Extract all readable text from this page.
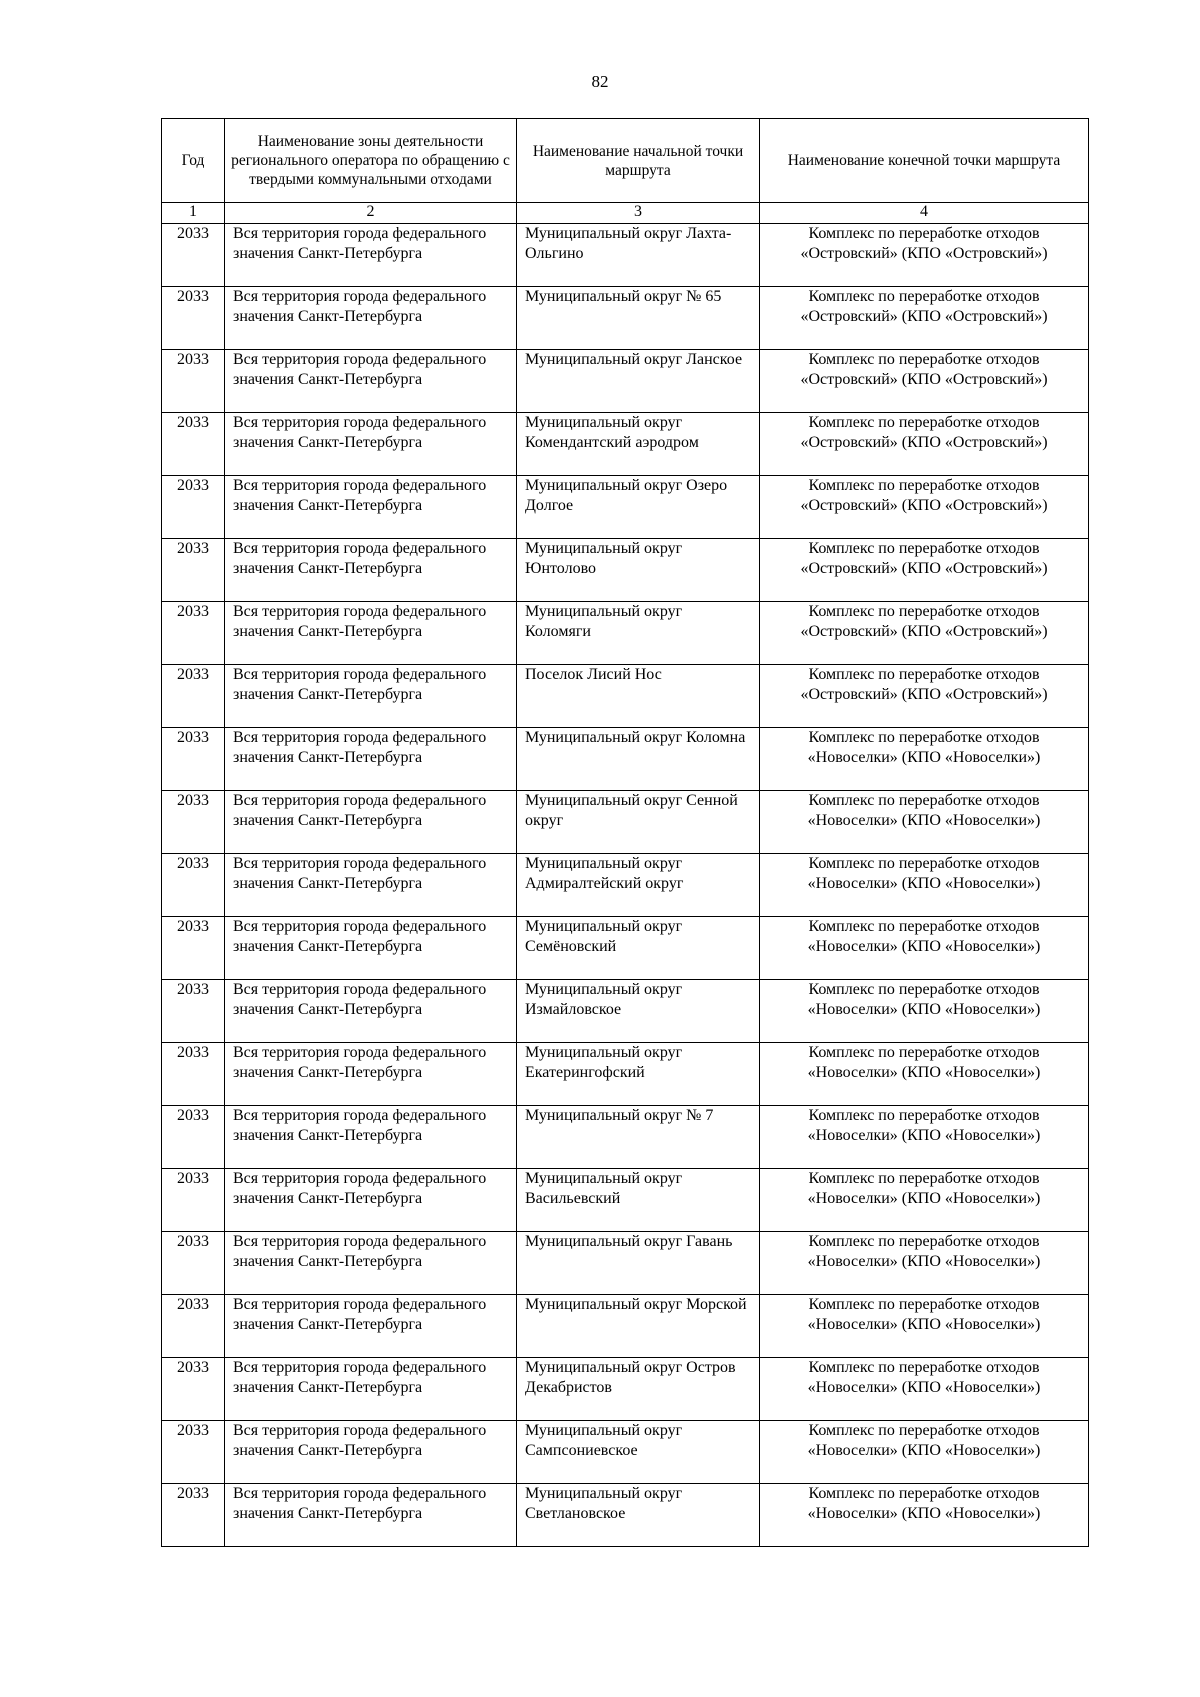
82
Год	Наименование зоны деятельности регионального оператора по обращению с твердыми коммунальными отходами	Наименование начальной точки маршрута	Наименование конечной точки маршрута
1	2	3	4
2033	Вся территория города федерального значения Санкт-Петербурга	Муниципальный округ Лахта-Ольгино	Комплекс по переработке отходов «Островский» (КПО «Островский»)
2033	Вся территория города федерального значения Санкт-Петербурга	Муниципальный округ № 65	Комплекс по переработке отходов «Островский» (КПО «Островский»)
2033	Вся территория города федерального значения Санкт-Петербурга	Муниципальный округ Ланское	Комплекс по переработке отходов «Островский» (КПО «Островский»)
2033	Вся территория города федерального значения Санкт-Петербурга	Муниципальный округ Комендантский аэродром	Комплекс по переработке отходов «Островский» (КПО «Островский»)
2033	Вся территория города федерального значения Санкт-Петербурга	Муниципальный округ Озеро Долгое	Комплекс по переработке отходов «Островский» (КПО «Островский»)
2033	Вся территория города федерального значения Санкт-Петербурга	Муниципальный округ Юнтолово	Комплекс по переработке отходов «Островский» (КПО «Островский»)
2033	Вся территория города федерального значения Санкт-Петербурга	Муниципальный округ Коломяги	Комплекс по переработке отходов «Островский» (КПО «Островский»)
2033	Вся территория города федерального значения Санкт-Петербурга	Поселок Лисий Нос	Комплекс по переработке отходов «Островский» (КПО «Островский»)
2033	Вся территория города федерального значения Санкт-Петербурга	Муниципальный округ Коломна	Комплекс по переработке отходов «Новоселки» (КПО «Новоселки»)
2033	Вся территория города федерального значения Санкт-Петербурга	Муниципальный округ Сенной округ	Комплекс по переработке отходов «Новоселки» (КПО «Новоселки»)
2033	Вся территория города федерального значения Санкт-Петербурга	Муниципальный округ Адмиралтейский округ	Комплекс по переработке отходов «Новоселки» (КПО «Новоселки»)
2033	Вся территория города федерального значения Санкт-Петербурга	Муниципальный округ Семёновский	Комплекс по переработке отходов «Новоселки» (КПО «Новоселки»)
2033	Вся территория города федерального значения Санкт-Петербурга	Муниципальный округ Измайловское	Комплекс по переработке отходов «Новоселки» (КПО «Новоселки»)
2033	Вся территория города федерального значения Санкт-Петербурга	Муниципальный округ Екатерингофский	Комплекс по переработке отходов «Новоселки» (КПО «Новоселки»)
2033	Вся территория города федерального значения Санкт-Петербурга	Муниципальный округ № 7	Комплекс по переработке отходов «Новоселки» (КПО «Новоселки»)
2033	Вся территория города федерального значения Санкт-Петербурга	Муниципальный округ Васильевский	Комплекс по переработке отходов «Новоселки» (КПО «Новоселки»)
2033	Вся территория города федерального значения Санкт-Петербурга	Муниципальный округ Гавань	Комплекс по переработке отходов «Новоселки» (КПО «Новоселки»)
2033	Вся территория города федерального значения Санкт-Петербурга	Муниципальный округ Морской	Комплекс по переработке отходов «Новоселки» (КПО «Новоселки»)
2033	Вся территория города федерального значения Санкт-Петербурга	Муниципальный округ Остров Декабристов	Комплекс по переработке отходов «Новоселки» (КПО «Новоселки»)
2033	Вся территория города федерального значения Санкт-Петербурга	Муниципальный округ Сампсониевское	Комплекс по переработке отходов «Новоселки» (КПО «Новоселки»)
2033	Вся территория города федерального значения Санкт-Петербурга	Муниципальный округ Светлановское	Комплекс по переработке отходов «Новоселки» (КПО «Новоселки»)
